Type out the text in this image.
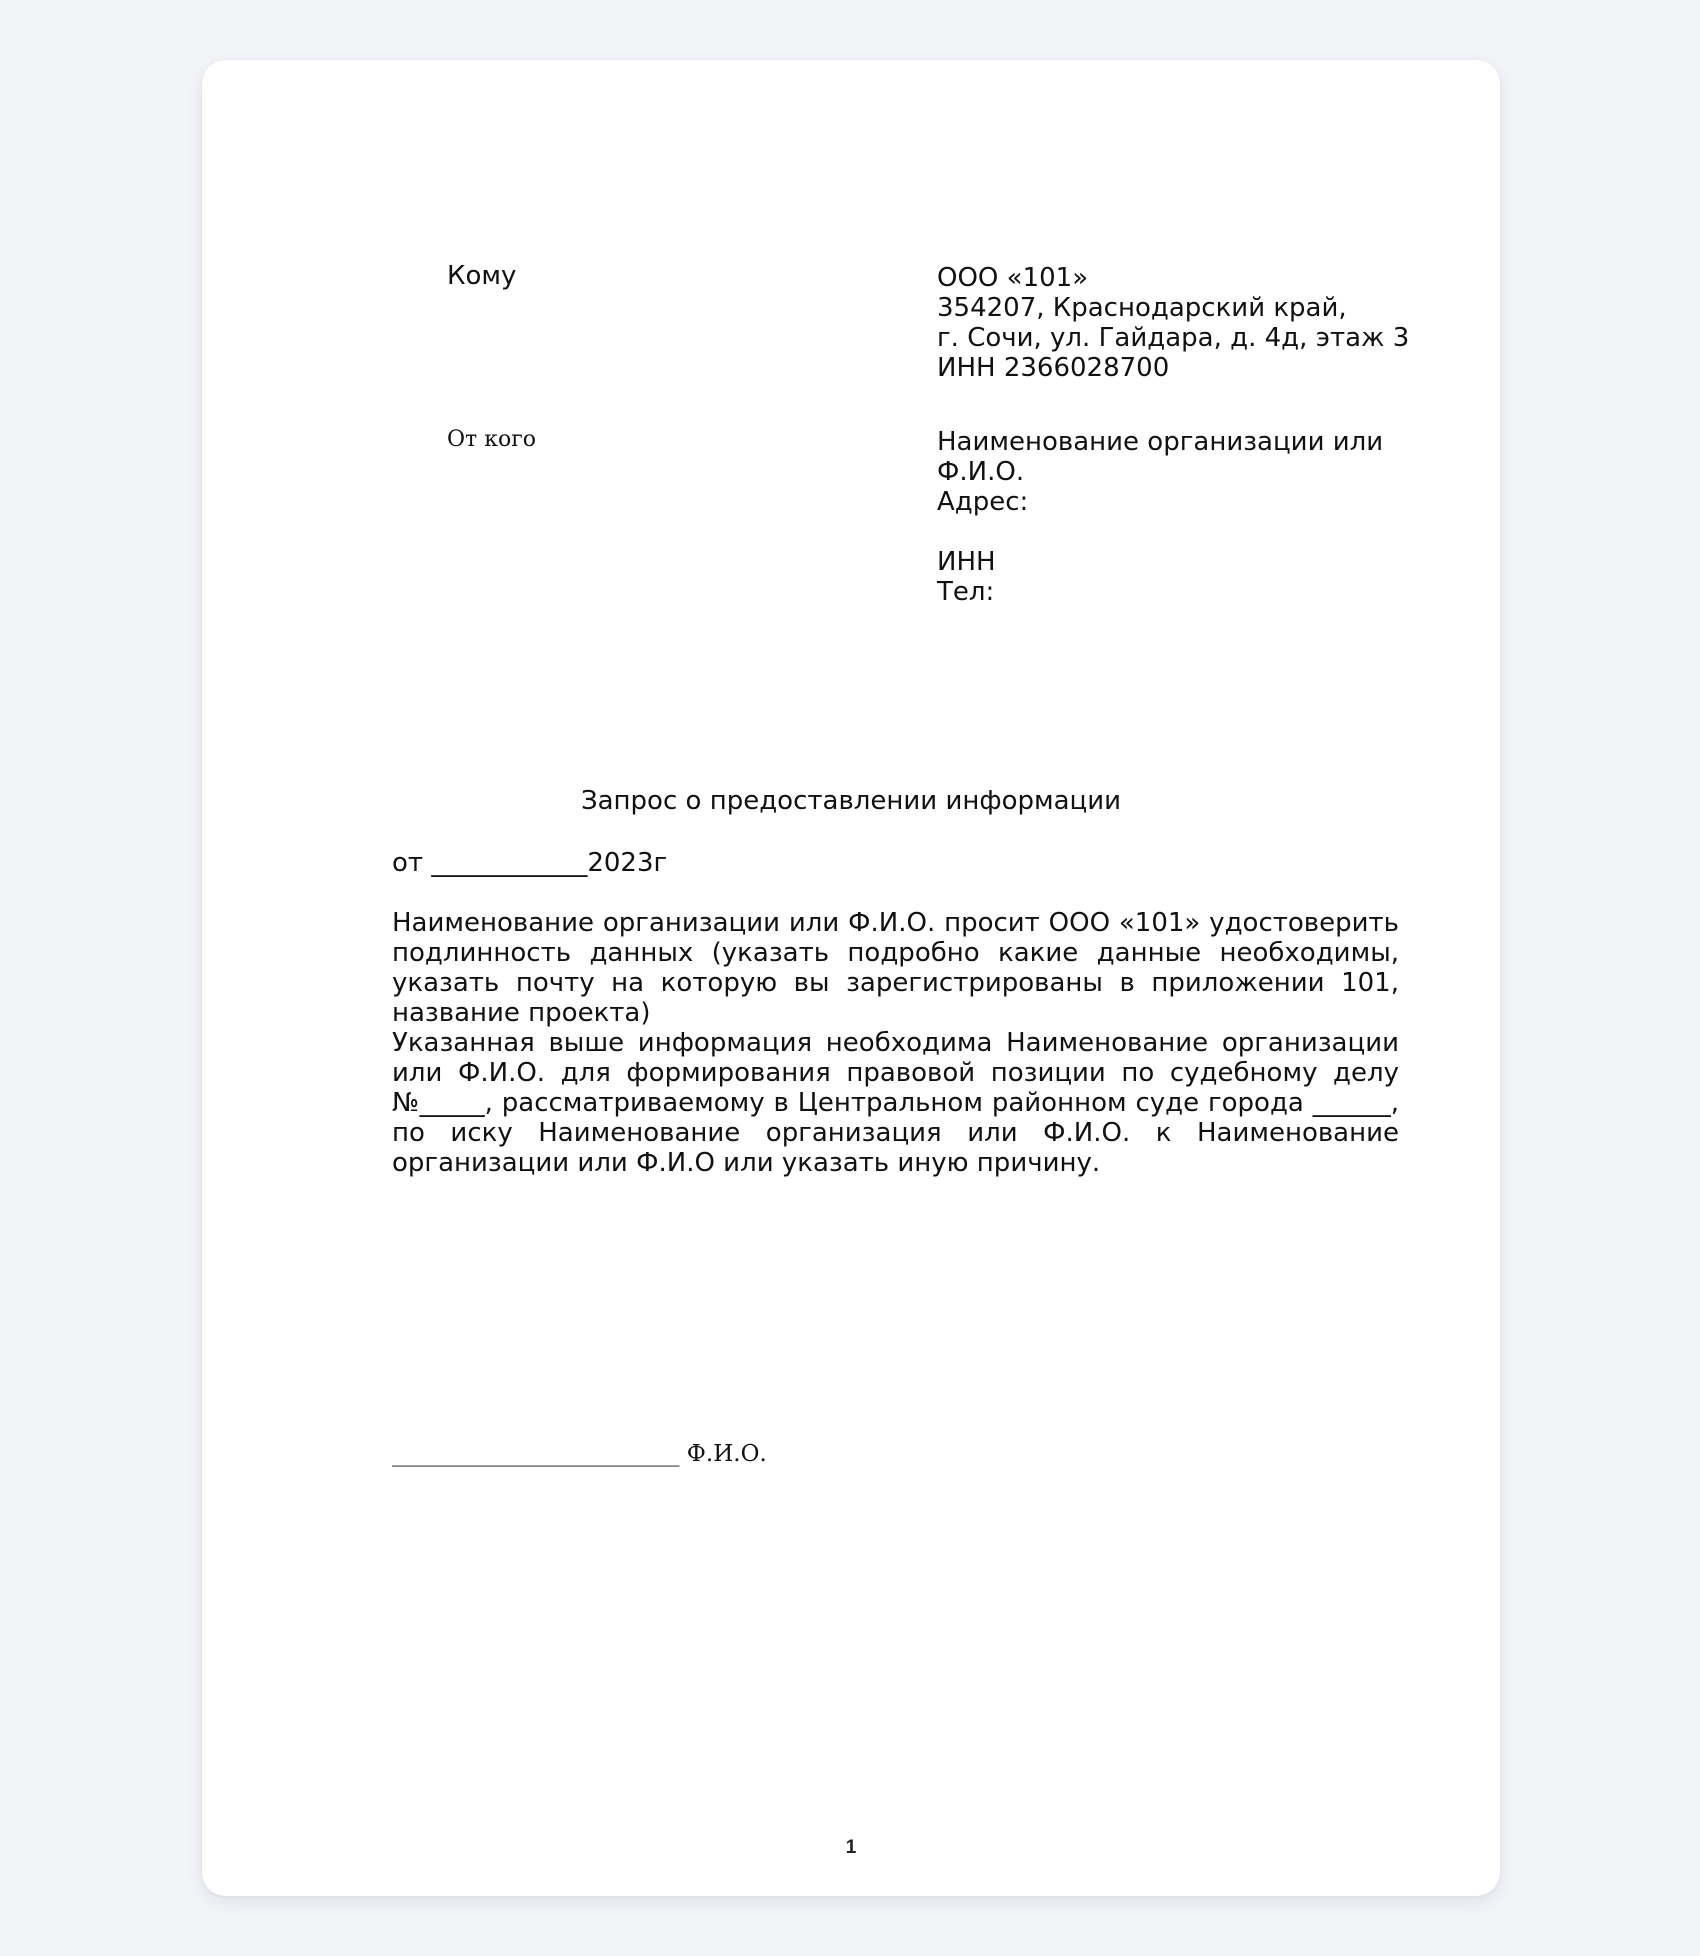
Кому	ООО «101»
354207, Краснодарский край,
г. Сочи, ул. Гайдара, д. 4д, этаж 3
ИНН 2366028700
От кого	Наименование организации или
Ф.И.О.
Адрес:
ИНН
Тел:
Запрос о предоставлении информации
от ____________2023г

Наименование организации или Ф.И.О. просит ООО «101» удостоверить подлинность данных (указать подробно какие данные необходимы, указать почту на которую вы зарегистрированы в приложении 101, название проекта)

Указанная выше информация необходима Наименование организации или Ф.И.О. для формирования правовой позиции по судебному делу №_____, рассматриваемому в Центральном районном суде города ______, по иску Наименование организация или Ф.И.О. к Наименование организации или Ф.И.О или указать иную причину.

_________________________ Ф.И.О.
1
